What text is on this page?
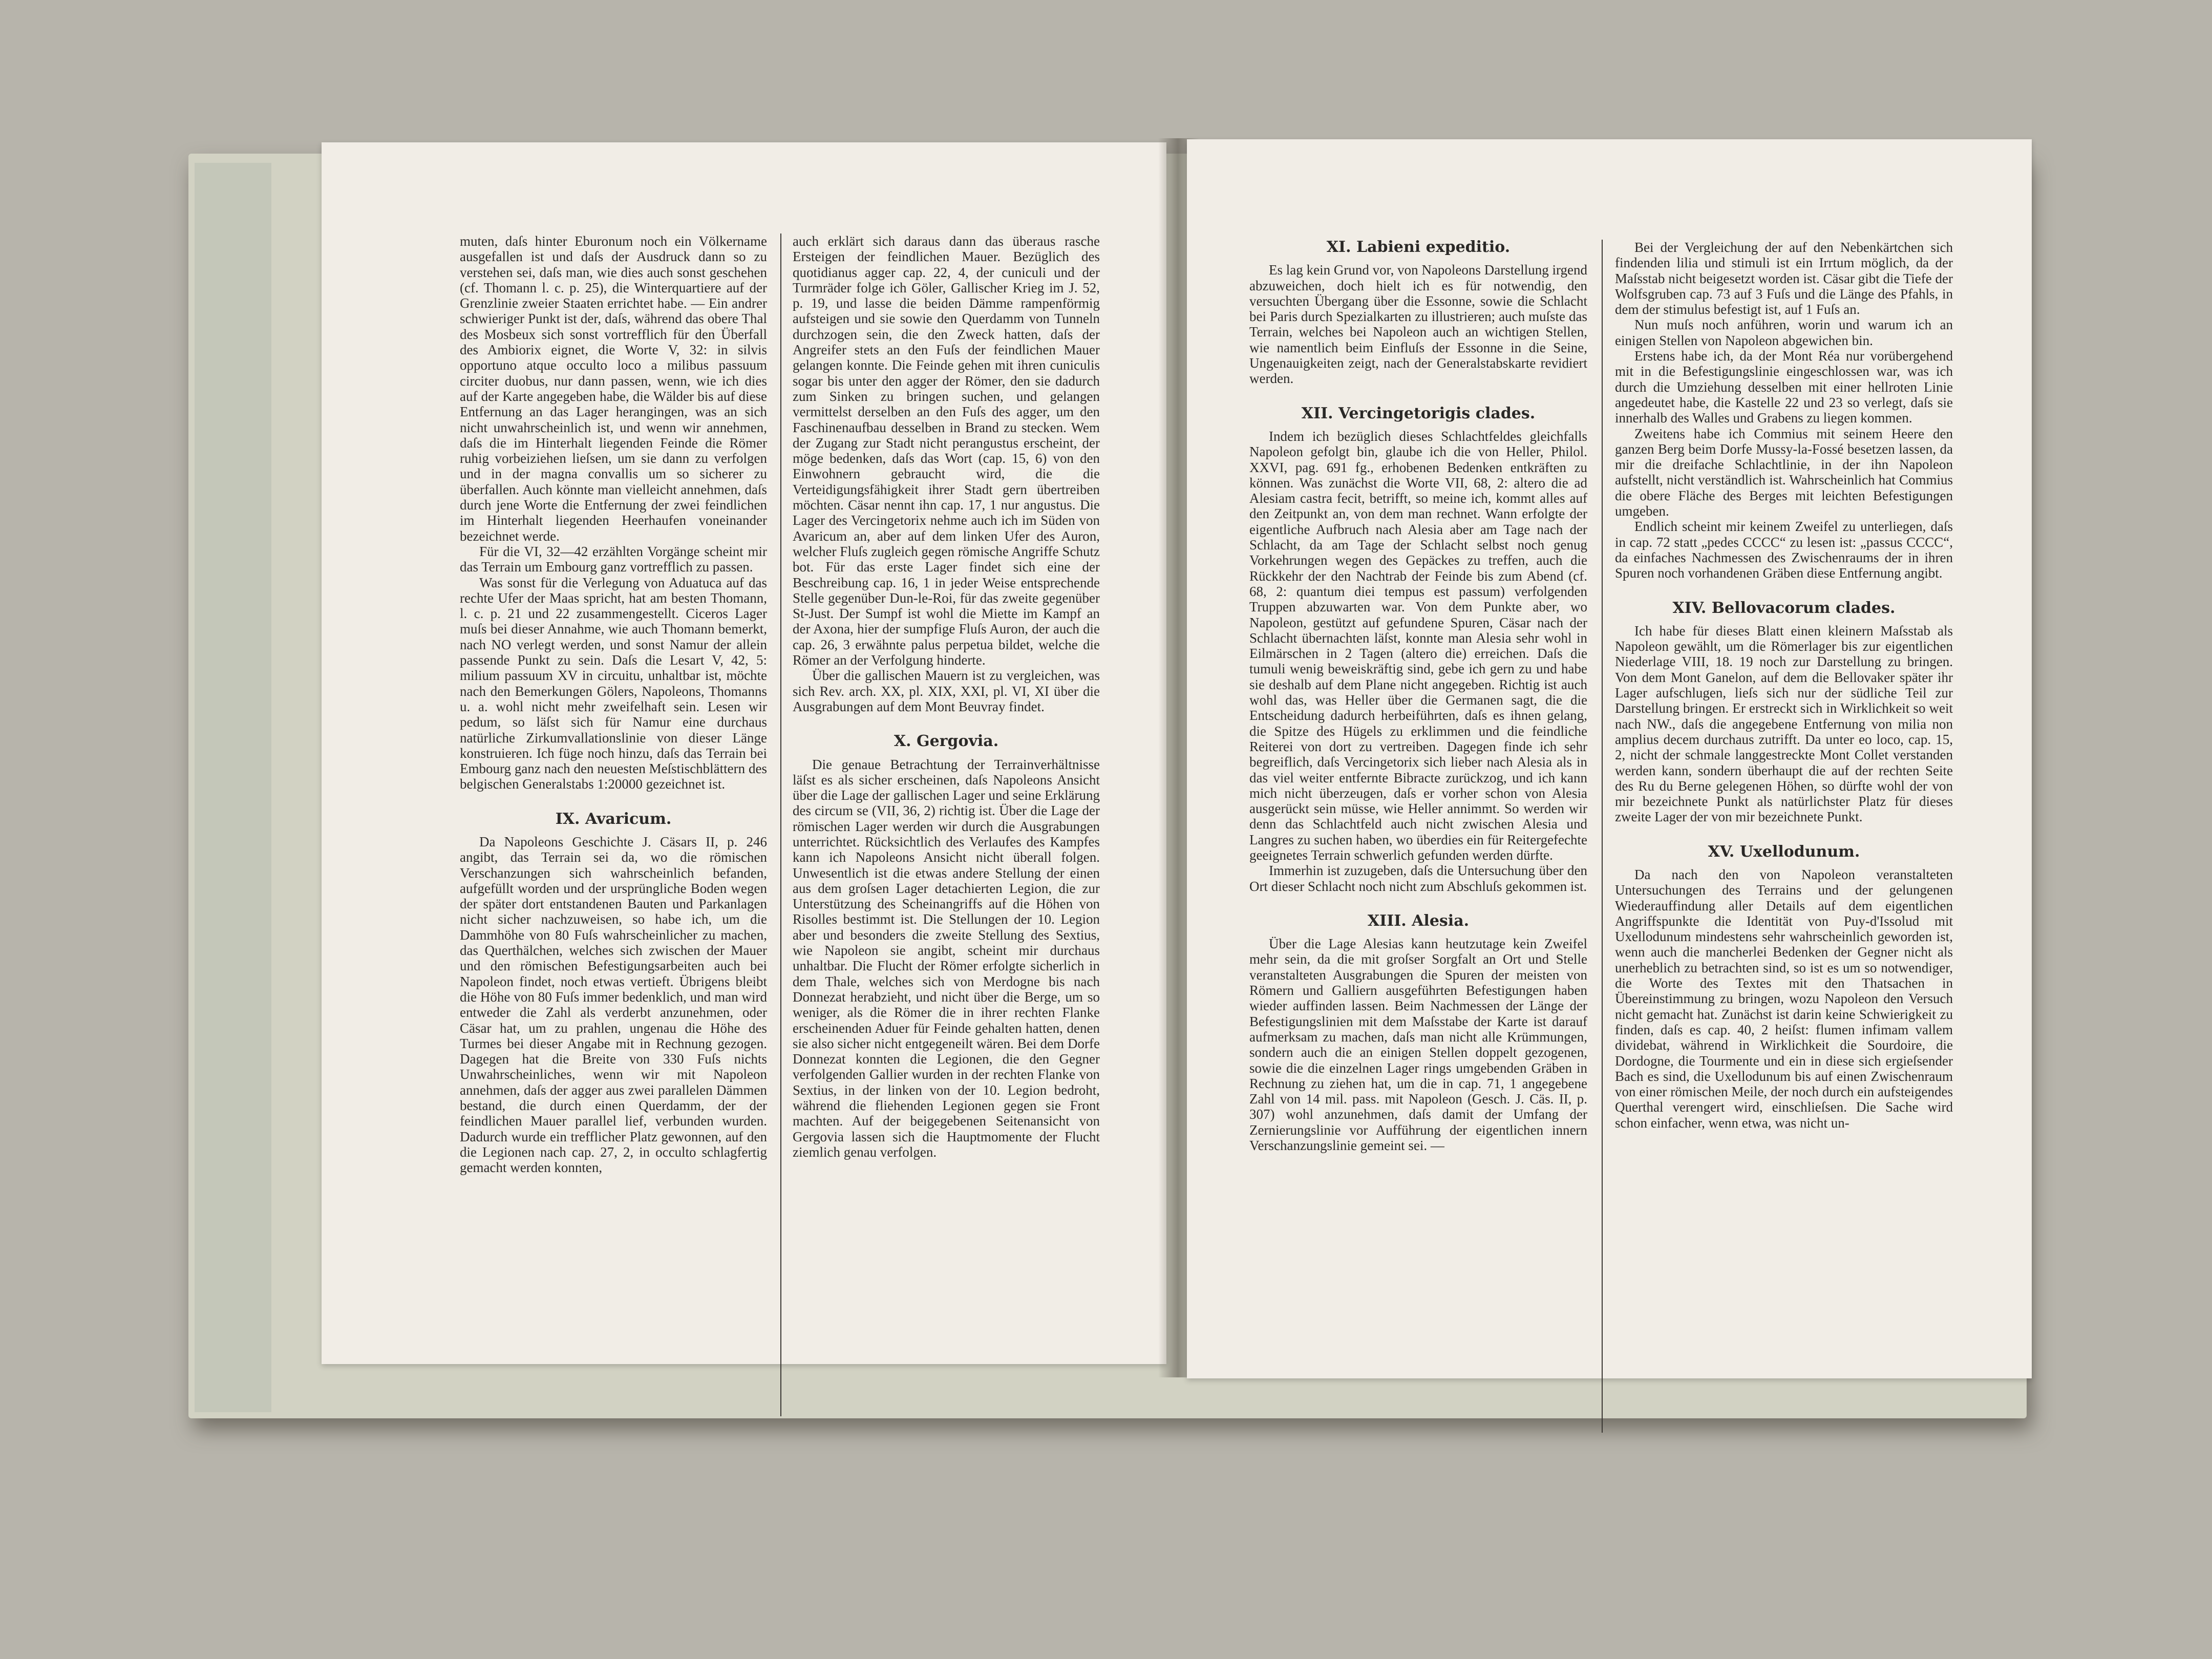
muten, daſs hinter Eburonum noch ein Völkername ausgefallen ist und daſs der Ausdruck dann so zu verstehen sei, daſs man, wie dies auch sonst geschehen (cf. Thomann l. c. p. 25), die Winterquartiere auf der Grenzlinie zweier Staaten errichtet habe. — Ein andrer schwieriger Punkt ist der, daſs, während das obere Thal des Mosbeux sich sonst vortrefflich für den Überfall des Ambiorix eignet, die Worte V, 32: in silvis opportuno atque occulto loco a milibus passuum circiter duobus, nur dann passen, wenn, wie ich dies auf der Karte angegeben habe, die Wälder bis auf diese Entfernung an das Lager herangingen, was an sich nicht unwahrscheinlich ist, und wenn wir annehmen, daſs die im Hinterhalt liegenden Feinde die Römer ruhig vorbeiziehen lieſsen, um sie dann zu verfolgen und in der magna convallis um so sicherer zu überfallen. Auch könnte man vielleicht annehmen, daſs durch jene Worte die Entfernung der zwei feindlichen im Hinterhalt liegenden Heerhaufen voneinander bezeichnet werde.

Für die VI, 32—42 erzählten Vorgänge scheint mir das Terrain um Embourg ganz vortrefflich zu passen.

Was sonst für die Verlegung von Aduatuca auf das rechte Ufer der Maas spricht, hat am besten Thomann, l. c. p. 21 und 22 zusammengestellt. Ciceros Lager muſs bei dieser Annahme, wie auch Thomann bemerkt, nach NO verlegt werden, und sonst Namur der allein passende Punkt zu sein. Daſs die Lesart V, 42, 5: milium passuum XV in circuitu, unhaltbar ist, möchte nach den Bemerkungen Gölers, Napoleons, Thomanns u. a. wohl nicht mehr zweifelhaft sein. Lesen wir pedum, so läſst sich für Namur eine durchaus natürliche Zirkumvallationslinie von dieser Länge konstruieren. Ich füge noch hinzu, daſs das Terrain bei Embourg ganz nach den neuesten Meſstischblättern des belgischen Generalstabs 1:20000 gezeichnet ist.

IX. Avaricum.

Da Napoleons Geschichte J. Cäsars II, p. 246 angibt, das Terrain sei da, wo die römischen Verschanzungen sich wahrscheinlich befanden, aufgefüllt worden und der ursprüngliche Boden wegen der später dort entstandenen Bauten und Parkanlagen nicht sicher nachzuweisen, so habe ich, um die Dammhöhe von 80 Fuſs wahrscheinlicher zu machen, das Querthälchen, welches sich zwischen der Mauer und den römischen Befestigungsarbeiten auch bei Napoleon findet, noch etwas vertieft. Übrigens bleibt die Höhe von 80 Fuſs immer bedenklich, und man wird entweder die Zahl als verderbt anzunehmen, oder Cäsar hat, um zu prahlen, ungenau die Höhe des Turmes bei dieser Angabe mit in Rechnung gezogen. Dagegen hat die Breite von 330 Fuſs nichts Unwahrscheinliches, wenn wir mit Napoleon annehmen, daſs der agger aus zwei parallelen Dämmen bestand, die durch einen Querdamm, der der feindlichen Mauer parallel lief, verbunden wurden. Dadurch wurde ein trefflicher Platz gewonnen, auf den die Legionen nach cap. 27, 2, in occulto schlagfertig gemacht werden konnten,

auch erklärt sich daraus dann das überaus rasche Ersteigen der feindlichen Mauer. Bezüglich des quotidianus agger cap. 22, 4, der cuniculi und der Turmräder folge ich Göler, Gallischer Krieg im J. 52, p. 19, und lasse die beiden Dämme rampenförmig aufsteigen und sie sowie den Querdamm von Tunneln durchzogen sein, die den Zweck hatten, daſs der Angreifer stets an den Fuſs der feindlichen Mauer gelangen konnte. Die Feinde gehen mit ihren cuniculis sogar bis unter den agger der Römer, den sie dadurch zum Sinken zu bringen suchen, und gelangen vermittelst derselben an den Fuſs des agger, um den Faschinenaufbau desselben in Brand zu stecken. Wem der Zugang zur Stadt nicht perangustus erscheint, der möge bedenken, daſs das Wort (cap. 15, 6) von den Einwohnern gebraucht wird, die die Verteidigungsfähigkeit ihrer Stadt gern übertreiben möchten. Cäsar nennt ihn cap. 17, 1 nur angustus. Die Lager des Vercingetorix nehme auch ich im Süden von Avaricum an, aber auf dem linken Ufer des Auron, welcher Fluſs zugleich gegen römische Angriffe Schutz bot. Für das erste Lager findet sich eine der Beschreibung cap. 16, 1 in jeder Weise entsprechende Stelle gegenüber Dun-le-Roi, für das zweite gegenüber St-Just. Der Sumpf ist wohl die Miette im Kampf an der Axona, hier der sumpfige Fluſs Auron, der auch die cap. 26, 3 erwähnte palus perpetua bildet, welche die Römer an der Verfolgung hinderte.

Über die gallischen Mauern ist zu vergleichen, was sich Rev. arch. XX, pl. XIX, XXI, pl. VI, XI über die Ausgrabungen auf dem Mont Beuvray findet.

X. Gergovia.

Die genaue Betrachtung der Terrainverhältnisse läſst es als sicher erscheinen, daſs Napoleons Ansicht über die Lage der gallischen Lager und seine Erklärung des circum se (VII, 36, 2) richtig ist. Über die Lage der römischen Lager werden wir durch die Ausgrabungen unterrichtet. Rücksichtlich des Verlaufes des Kampfes kann ich Napoleons Ansicht nicht überall folgen. Unwesentlich ist die etwas andere Stellung der einen aus dem groſsen Lager detachierten Legion, die zur Unterstützung des Scheinangriffs auf die Höhen von Risolles bestimmt ist. Die Stellungen der 10. Legion aber und besonders die zweite Stellung des Sextius, wie Napoleon sie angibt, scheint mir durchaus unhaltbar. Die Flucht der Römer erfolgte sicherlich in dem Thale, welches sich von Merdogne bis nach Donnezat herabzieht, und nicht über die Berge, um so weniger, als die Römer die in ihrer rechten Flanke erscheinenden Aduer für Feinde gehalten hatten, denen sie also sicher nicht entgegeneilt wären. Bei dem Dorfe Donnezat konnten die Legionen, die den Gegner verfolgenden Gallier wurden in der rechten Flanke von Sextius, in der linken von der 10. Legion bedroht, während die fliehenden Legionen gegen sie Front machten. Auf der beigegebenen Seitenansicht von Gergovia lassen sich die Hauptmomente der Flucht ziemlich genau verfolgen.

XI. Labieni expeditio.

Es lag kein Grund vor, von Napoleons Darstellung irgend abzuweichen, doch hielt ich es für notwendig, den versuchten Übergang über die Essonne, sowie die Schlacht bei Paris durch Spezialkarten zu illustrieren; auch muſste das Terrain, welches bei Napoleon auch an wichtigen Stellen, wie namentlich beim Einfluſs der Essonne in die Seine, Ungenauigkeiten zeigt, nach der Generalstabskarte revidiert werden.

XII. Vercingetorigis clades.

Indem ich bezüglich dieses Schlachtfeldes gleichfalls Napoleon gefolgt bin, glaube ich die von Heller, Philol. XXVI, pag. 691 fg., erhobenen Bedenken entkräften zu können. Was zunächst die Worte VII, 68, 2: altero die ad Alesiam castra fecit, betrifft, so meine ich, kommt alles auf den Zeitpunkt an, von dem man rechnet. Wann erfolgte der eigentliche Aufbruch nach Alesia aber am Tage nach der Schlacht, da am Tage der Schlacht selbst noch genug Vorkehrungen wegen des Gepäckes zu treffen, auch die Rückkehr der den Nachtrab der Feinde bis zum Abend (cf. 68, 2: quantum diei tempus est passum) verfolgenden Truppen abzuwarten war. Von dem Punkte aber, wo Napoleon, gestützt auf gefundene Spuren, Cäsar nach der Schlacht übernachten läſst, konnte man Alesia sehr wohl in Eilmärschen in 2 Tagen (altero die) erreichen. Daſs die tumuli wenig beweiskräftig sind, gebe ich gern zu und habe sie deshalb auf dem Plane nicht angegeben. Richtig ist auch wohl das, was Heller über die Germanen sagt, die die Entscheidung dadurch herbeiführten, daſs es ihnen gelang, die Spitze des Hügels zu erklimmen und die feindliche Reiterei von dort zu vertreiben. Dagegen finde ich sehr begreiflich, daſs Vercingetorix sich lieber nach Alesia als in das viel weiter entfernte Bibracte zurückzog, und ich kann mich nicht überzeugen, daſs er vorher schon von Alesia ausgerückt sein müsse, wie Heller annimmt. So werden wir denn das Schlachtfeld auch nicht zwischen Alesia und Langres zu suchen haben, wo überdies ein für Reitergefechte geeignetes Terrain schwerlich gefunden werden dürfte.

Immerhin ist zuzugeben, daſs die Untersuchung über den Ort dieser Schlacht noch nicht zum Abschluſs gekommen ist.

XIII. Alesia.

Über die Lage Alesias kann heutzutage kein Zweifel mehr sein, da die mit groſser Sorgfalt an Ort und Stelle veranstalteten Ausgrabungen die Spuren der meisten von Römern und Galliern ausgeführten Befestigungen haben wieder auffinden lassen. Beim Nachmessen der Länge der Befestigungslinien mit dem Maſsstabe der Karte ist darauf aufmerksam zu machen, daſs man nicht alle Krümmungen, sondern auch die an einigen Stellen doppelt gezogenen, sowie die die einzelnen Lager rings umgebenden Gräben in Rechnung zu ziehen hat, um die in cap. 71, 1 angegebene Zahl von 14 mil. pass. mit Napoleon (Gesch. J. Cäs. II, p. 307) wohl anzunehmen, daſs damit der Umfang der Zernierungslinie vor Aufführung der eigentlichen innern Verschanzungslinie gemeint sei. —

Bei der Vergleichung der auf den Nebenkärtchen sich findenden lilia und stimuli ist ein Irrtum möglich, da der Maſsstab nicht beigesetzt worden ist. Cäsar gibt die Tiefe der Wolfsgruben cap. 73 auf 3 Fuſs und die Länge des Pfahls, in dem der stimulus befestigt ist, auf 1 Fuſs an.

Nun muſs noch anführen, worin und warum ich an einigen Stellen von Napoleon abgewichen bin.

Erstens habe ich, da der Mont Réa nur vorübergehend mit in die Befestigungslinie eingeschlossen war, was ich durch die Umziehung desselben mit einer hellroten Linie angedeutet habe, die Kastelle 22 und 23 so verlegt, daſs sie innerhalb des Walles und Grabens zu liegen kommen.

Zweitens habe ich Commius mit seinem Heere den ganzen Berg beim Dorfe Mussy-la-Fossé besetzen lassen, da mir die dreifache Schlachtlinie, in der ihn Napoleon aufstellt, nicht verständlich ist. Wahrscheinlich hat Commius die obere Fläche des Berges mit leichten Befestigungen umgeben.

Endlich scheint mir keinem Zweifel zu unterliegen, daſs in cap. 72 statt „pedes CCCC“ zu lesen ist: „passus CCCC“, da einfaches Nachmessen des Zwischenraums der in ihren Spuren noch vorhandenen Gräben diese Entfernung angibt.

XIV. Bellovacorum clades.

Ich habe für dieses Blatt einen kleinern Maſsstab als Napoleon gewählt, um die Römerlager bis zur eigentlichen Niederlage VIII, 18. 19 noch zur Darstellung zu bringen. Von dem Mont Ganelon, auf dem die Bellovaker später ihr Lager aufschlugen, lieſs sich nur der südliche Teil zur Darstellung bringen. Er erstreckt sich in Wirklichkeit so weit nach NW., daſs die angegebene Entfernung von milia non amplius decem durchaus zutrifft. Da unter eo loco, cap. 15, 2, nicht der schmale langgestreckte Mont Collet verstanden werden kann, sondern überhaupt die auf der rechten Seite des Ru du Berne gelegenen Höhen, so dürfte wohl der von mir bezeichnete Punkt als natürlichster Platz für dieses zweite Lager der von mir bezeichnete Punkt.

XV. Uxellodunum.

Da nach den von Napoleon veranstalteten Untersuchungen des Terrains und der gelungenen Wiederauffindung aller Details auf dem eigentlichen Angriffspunkte die Identität von Puy-d'Issolud mit Uxellodunum mindestens sehr wahrscheinlich geworden ist, wenn auch die mancherlei Bedenken der Gegner nicht als unerheblich zu betrachten sind, so ist es um so notwendiger, die Worte des Textes mit den Thatsachen in Übereinstimmung zu bringen, wozu Napoleon den Versuch nicht gemacht hat. Zunächst ist darin keine Schwierigkeit zu finden, daſs es cap. 40, 2 heiſst: flumen infimam vallem dividebat, während in Wirklichkeit die Sourdoire, die Dordogne, die Tourmente und ein in diese sich ergieſsender Bach es sind, die Uxellodunum bis auf einen Zwischenraum von einer römischen Meile, der noch durch ein aufsteigendes Querthal verengert wird, einschlieſsen. Die Sache wird schon einfacher, wenn etwa, was nicht un-
